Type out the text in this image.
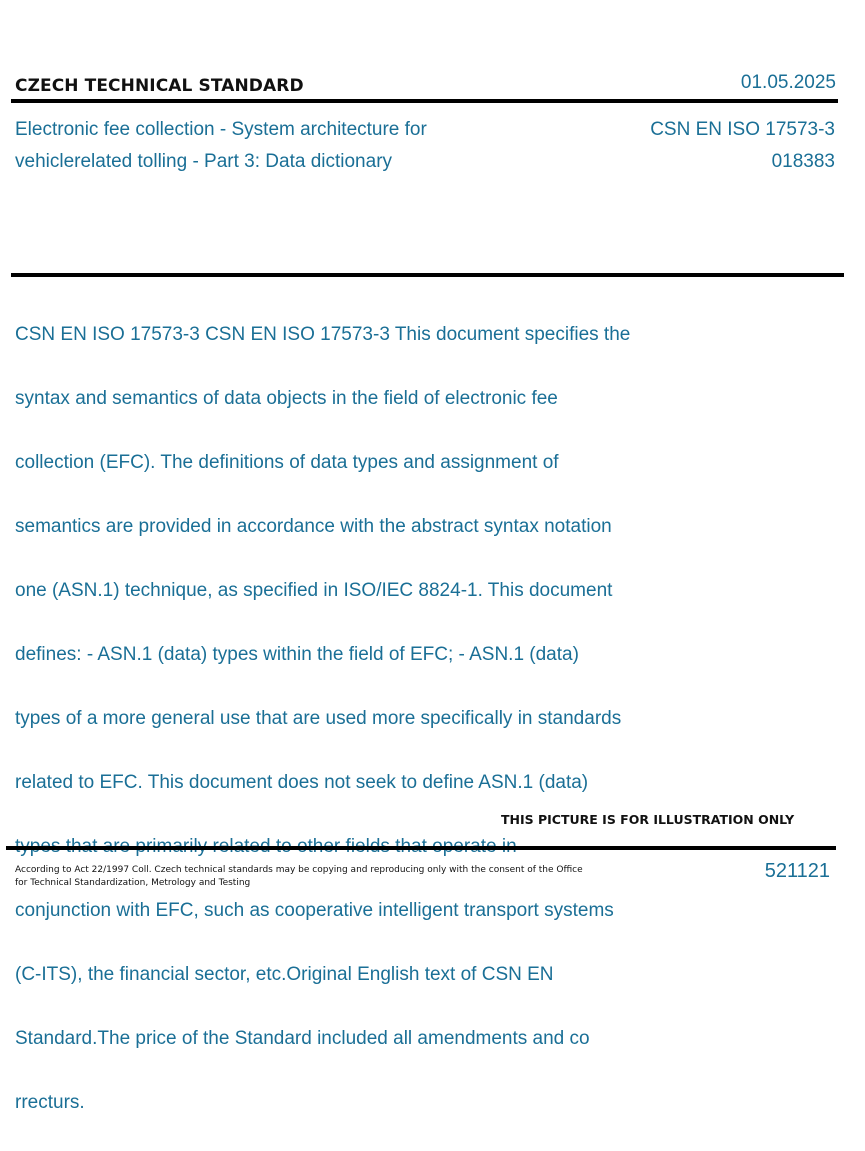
CZECH TECHNICAL STANDARD	01.05.2025
Electronic fee collection - System architecture for
vehiclerelated tolling - Part 3: Data dictionary
CSN EN ISO 17573-3
018383

CSN EN ISO 17573-3 CSN EN ISO 17573-3 This document specifies the

syntax and semantics of data objects in the field of electronic fee

collection (EFC). The definitions of data types and assignment of

semantics are provided in accordance with the abstract syntax notation

one (ASN.1) technique, as specified in ISO/IEC 8824-1. This document

defines: - ASN.1 (data) types within the field of EFC; - ASN.1 (data)

types of a more general use that are used more specifically in standards

related to EFC. This document does not seek to define ASN.1 (data)

conjunction with EFC, such as cooperative intelligent transport systems

(C-ITS), the financial sector, etc.Original English text of CSN EN

Standard.The price of the Standard included all amendments and co

rrecturs.

THIS PICTURE IS FOR ILLUSTRATION ONLY
According to Act 22/1997 Coll. Czech technical standards may be copying and reproducing only with the consent of the Office
for Technical Standardization, Metrology and Testing
521121
